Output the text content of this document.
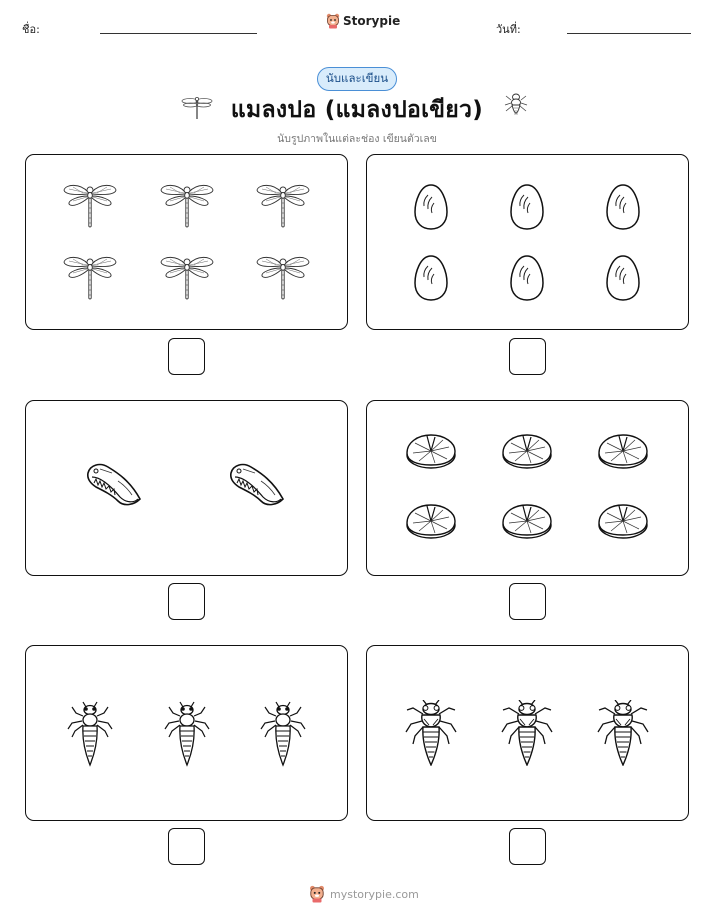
ชื่อ:
Storypie
วันที่:
นับและเขียน
แมลงปอ (แมลงปอเขียว)
นับรูปภาพในแต่ละช่อง เขียนตัวเลข
mystorypie.com
